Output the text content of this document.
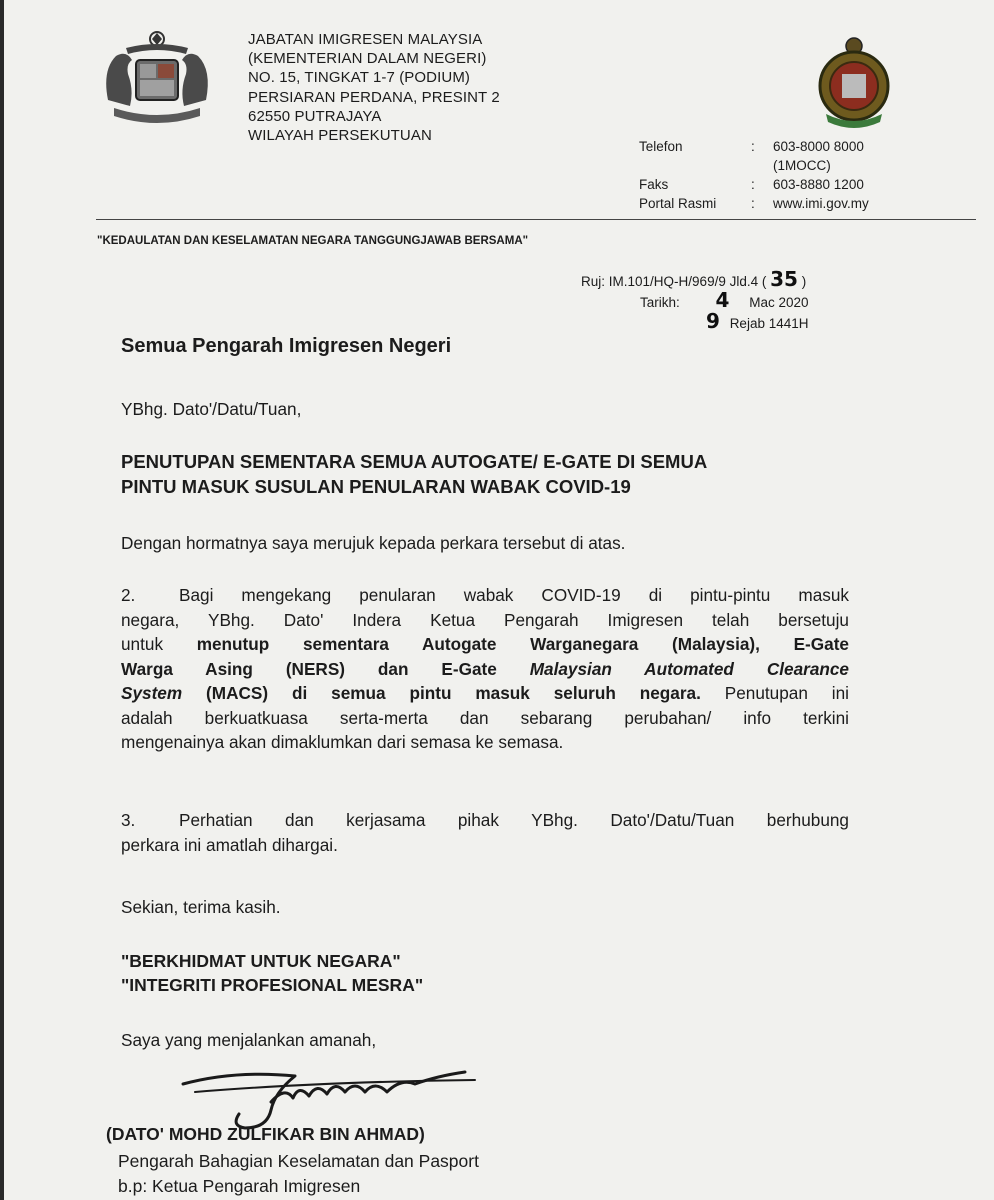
JABATAN IMIGRESEN MALAYSIA
(KEMENTERIAN DALAM NEGERI)
NO. 15, TINGKAT 1-7 (PODIUM)
PERSIARAN PERDANA, PRESINT 2
62550 PUTRAJAYA
WILAYAH PERSEKUTUAN
Telefon

Faks
Portal Rasmi
:

:
:
603-8000 8000
(1MOCC)
603-8880 1200
www.imi.gov.my
"KEDAULATAN DAN KESELAMATAN NEGARA TANGGUNGJAWAB BERSAMA"
Ruj: IM.101/HQ-H/969/9 Jld.4 ( 35 )
Tarikh: 4 Mac 2020
9 Rejab 1441H
Semua Pengarah Imigresen Negeri
YBhg. Dato'/Datu/Tuan,
PENUTUPAN SEMENTARA SEMUA AUTOGATE/ E-GATE DI SEMUA
PINTU MASUK SUSULAN PENULARAN WABAK COVID-19
Dengan hormatnya saya merujuk kepada perkara tersebut di atas.
2.	Bagi mengekang penularan wabak COVID-19 di pintu-pintu masuk
negara, YBhg. Dato' Indera Ketua Pengarah Imigresen telah bersetuju
untuk menutup sementara Autogate Warganegara (Malaysia), E-Gate
Warga Asing (NERS) dan E-Gate Malaysian Automated Clearance
System (MACS) di semua pintu masuk seluruh negara. Penutupan ini
adalah berkuatkuasa serta-merta dan sebarang perubahan/ info terkini
mengenainya akan dimaklumkan dari semasa ke semasa.
3.	Perhatian dan kerjasama pihak YBhg. Dato'/Datu/Tuan berhubung
perkara ini amatlah dihargai.
Sekian, terima kasih.
"BERKHIDMAT UNTUK NEGARA"
"INTEGRITI PROFESIONAL MESRA"
Saya yang menjalankan amanah,
(DATO' MOHD ZULFIKAR BIN AHMAD)
Pengarah Bahagian Keselamatan dan Pasport
b.p: Ketua Pengarah Imigresen
